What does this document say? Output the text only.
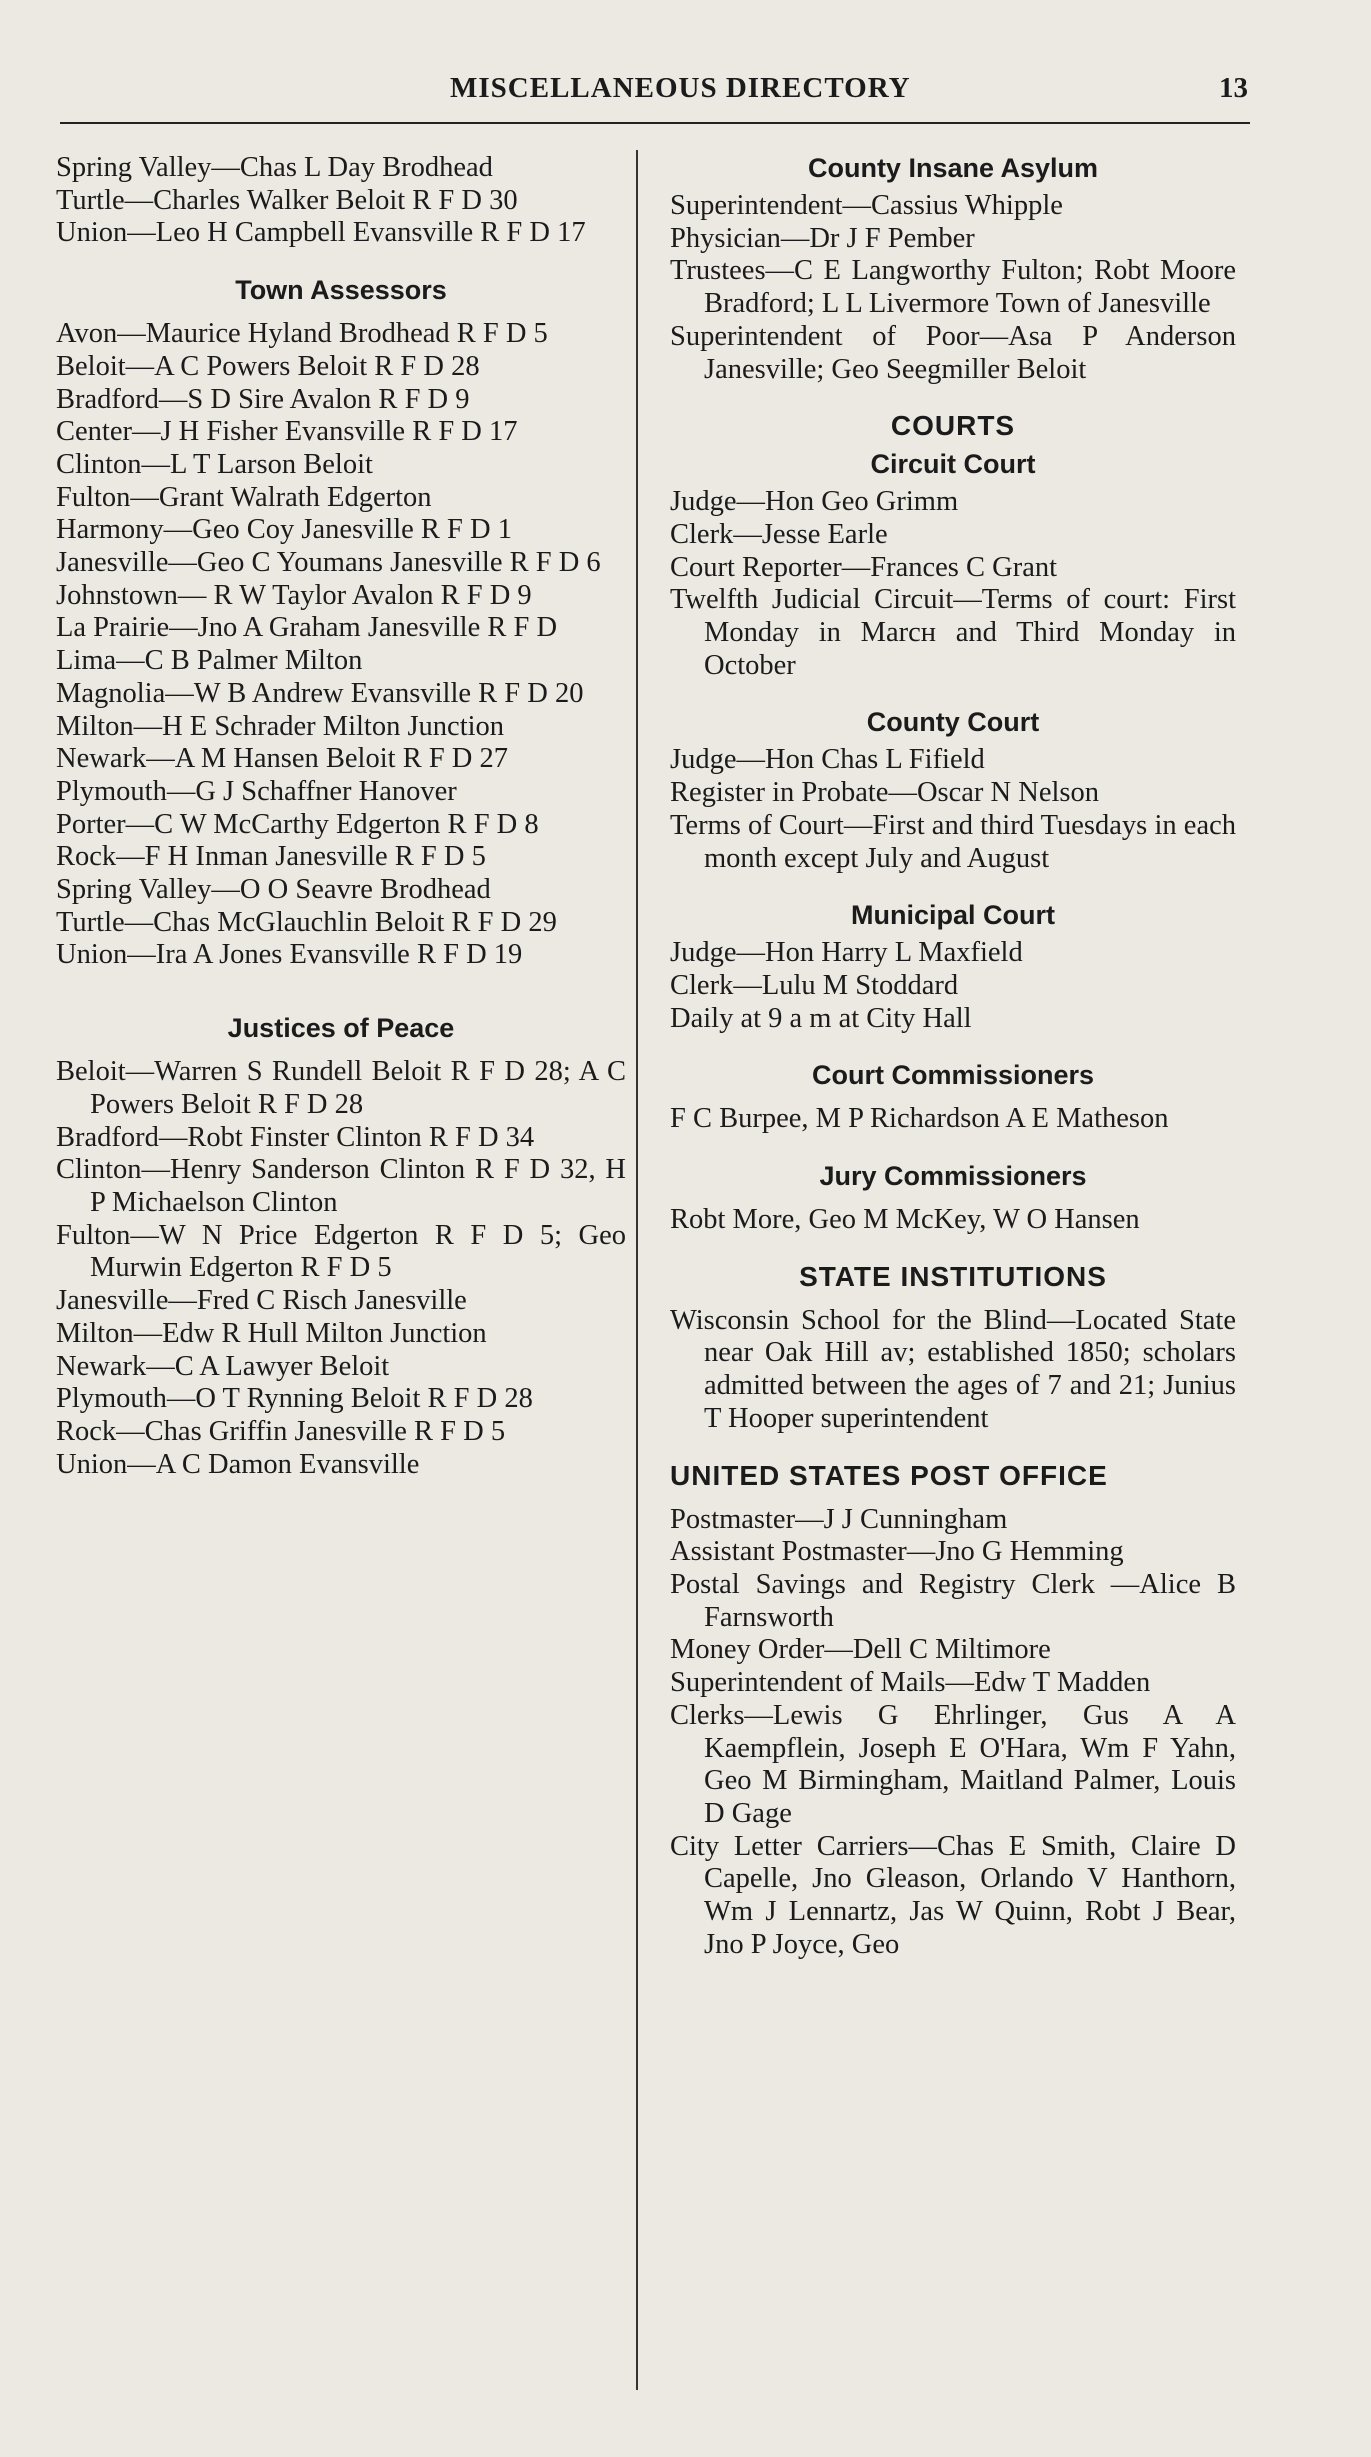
MISCELLANEOUS DIRECTORY	13
Spring Valley—Chas L Day Brodhead
Turtle—Charles Walker Beloit R F D 30
Union—Leo H Campbell Evansville R F D 17
Town Assessors
Avon—Maurice Hyland Brodhead R F D 5
Beloit—A C Powers Beloit R F D 28
Bradford—S D Sire Avalon R F D 9
Center—J H Fisher Evansville R F D 17
Clinton—L T Larson Beloit
Fulton—Grant Walrath Edgerton
Harmony—Geo Coy Janesville R F D 1
Janesville—Geo C Youmans Janesville R F D 6
Johnstown— R W Taylor Avalon R F D 9
La Prairie—Jno A Graham Janesville R F D
Lima—C B Palmer Milton
Magnolia—W B Andrew Evansville R F D 20
Milton—H E Schrader Milton Junction
Newark—A M Hansen Beloit R F D 27
Plymouth—G J Schaffner Hanover
Porter—C W McCarthy Edgerton R F D 8
Rock—F H Inman Janesville R F D 5
Spring Valley—O O Seavre Brodhead
Turtle—Chas McGlauchlin Beloit R F D 29
Union—Ira A Jones Evansville R F D 19
Justices of Peace
Beloit—Warren S Rundell Beloit R F D 28; A C Powers Beloit R F D 28
Bradford—Robt Finster Clinton R F D 34
Clinton—Henry Sanderson Clinton R F D 32, H P Michaelson Clinton
Fulton—W N Price Edgerton R F D 5; Geo Murwin Edgerton R F D 5
Janesville—Fred C Risch Janesville
Milton—Edw R Hull Milton Junction
Newark—C A Lawyer Beloit
Plymouth—O T Rynning Beloit R F D 28
Rock—Chas Griffin Janesville R F D 5
Union—A C Damon Evansville
County Insane Asylum
Superintendent—Cassius Whipple
Physician—Dr J F Pember
Trustees—C E Langworthy Fulton; Robt Moore Bradford; L L Livermore Town of Janesville
Superintendent of Poor—Asa P Anderson Janesville; Geo Seegmiller Beloit
COURTS
Circuit Court
Judge—Hon Geo Grimm
Clerk—Jesse Earle
Court Reporter—Frances C Grant
Twelfth Judicial Circuit—Terms of court: First Monday in Marcн and Third Monday in October
County Court
Judge—Hon Chas L Fifield
Register in Probate—Oscar N Nelson
Terms of Court—First and third Tuesdays in each month except July and August
Municipal Court
Judge—Hon Harry L Maxfield
Clerk—Lulu M Stoddard
Daily at 9 a m at City Hall
Court Commissioners
F C Burpee, M P Richardson A E Matheson
Jury Commissioners
Robt More, Geo M McKey, W O Hansen
STATE INSTITUTIONS
Wisconsin School for the Blind—Located State near Oak Hill av; established 1850; scholars admitted between the ages of 7 and 21; Junius T Hooper superintendent
UNITED STATES POST OFFICE
Postmaster—J J Cunningham
Assistant Postmaster—Jno G Hemming
Postal Savings and Registry Clerk —Alice B Farnsworth
Money Order—Dell C Miltimore
Superintendent of Mails—Edw T Madden
Clerks—Lewis G Ehrlinger, Gus A A Kaempflein, Joseph E O'Hara, Wm F Yahn, Geo M Birmingham, Maitland Palmer, Louis D Gage
City Letter Carriers—Chas E Smith, Claire D Capelle, Jno Gleason, Orlando V Hanthorn, Wm J Lennartz, Jas W Quinn, Robt J Bear, Jno P Joyce, Geo
